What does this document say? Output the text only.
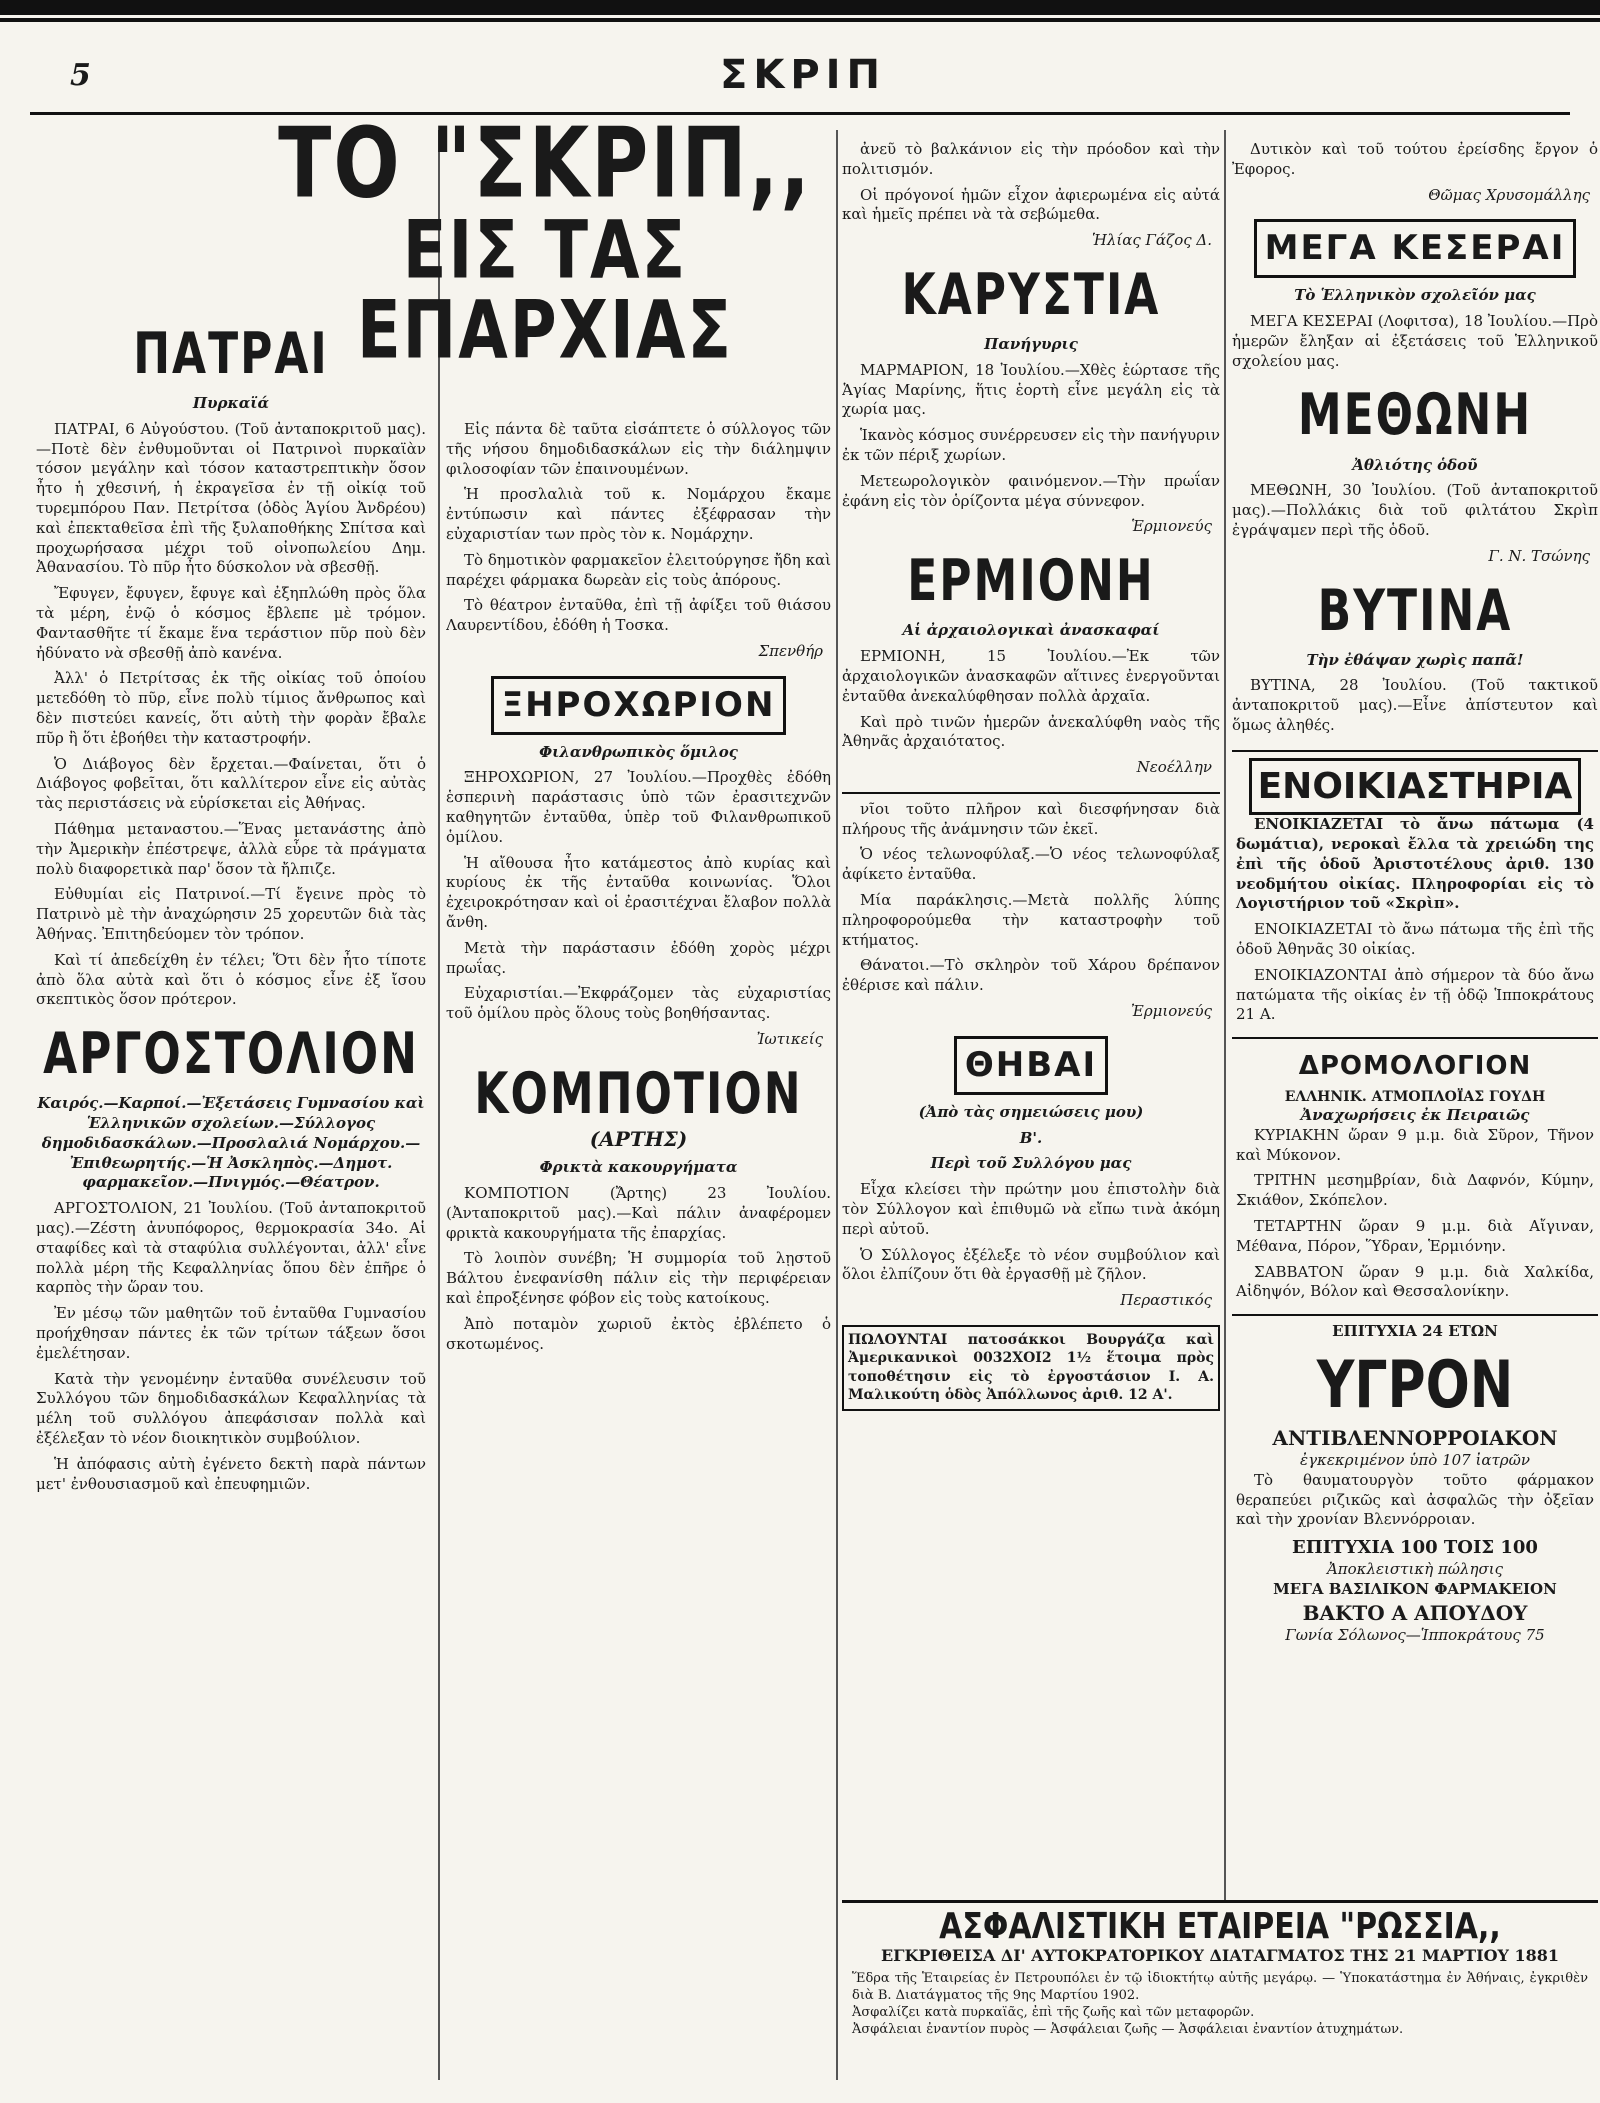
5	ΣΚΡΙΠ
ΠΑΤΡΑΙ
Πυρκαϊά

ΠΑΤΡΑΙ, 6 Αὐγούστου. (Τοῦ ἀνταποκριτοῦ μας).—Ποτὲ δὲν ἐνθυμοῦνται οἱ Πατρινοὶ πυρκαϊὰν τόσον μεγάλην καὶ τόσον καταστρεπτικὴν ὅσον ἦτο ἡ χθεσινή, ἡ ἐκραγεῖσα ἐν τῇ οἰκίᾳ τοῦ τυρεμπόρου Παν. Πετρίτσα (ὁδὸς Ἁγίου Ἀνδρέου) καὶ ἐπεκταθεῖσα ἐπὶ τῆς ξυλαποθήκης Σπίτσα καὶ προχωρήσασα μέχρι τοῦ οἰνοπωλείου Δημ. Ἀθανασίου. Τὸ πῦρ ἦτο δύσκολον νὰ σβεσθῇ.

Ἔφυγεν, ἔφυγεν, ἔφυγε καὶ ἐξηπλώθη πρὸς ὅλα τὰ μέρη, ἐνῷ ὁ κόσμος ἔβλεπε μὲ τρόμον. Φαντασθῆτε τί ἔκαμε ἕνα τεράστιον πῦρ ποὺ δὲν ἠδύνατο νὰ σβεσθῇ ἀπὸ κανένα.

Ἀλλ' ὁ Πετρίτσας ἐκ τῆς οἰκίας τοῦ ὁποίου μετεδόθη τὸ πῦρ, εἶνε πολὺ τίμιος ἄνθρωπος καὶ δὲν πιστεύει κανείς, ὅτι αὐτὴ τὴν φορὰν ἔβαλε πῦρ ἢ ὅτι ἐβοήθει τὴν καταστροφήν.

Ὁ Διάβογος δὲν ἔρχεται.—Φαίνεται, ὅτι ὁ Διάβογος φοβεῖται, ὅτι καλλίτερον εἶνε εἰς αὐτὰς τὰς περιστάσεις νὰ εὑρίσκεται εἰς Ἀθήνας.

Πάθημα μεταναστου.—Ἕνας μετανάστης ἀπὸ τὴν Ἀμερικὴν ἐπέστρεψε, ἀλλὰ εὗρε τὰ πράγματα πολὺ διαφορετικὰ παρ' ὅσον τὰ ἤλπιζε.

Εὐθυμίαι εἰς Πατρινοί.—Τί ἔγεινε πρὸς τὸ Πατρινὸ μὲ τὴν ἀναχώρησιν 25 χορευτῶν διὰ τὰς Ἀθήνας. Ἐπιτηδεύομεν τὸν τρόπον.

Καὶ τί ἀπεδείχθη ἐν τέλει; Ὅτι δὲν ἦτο τίποτε ἀπὸ ὅλα αὐτὰ καὶ ὅτι ὁ κόσμος εἶνε ἐξ ἴσου σκεπτικὸς ὅσον πρότερον.

ΑΡΓΟΣΤΟΛΙΟΝ
Καιρός.—Καρποί.—Ἐξετάσεις Γυμνασίου καὶ Ἑλληνικῶν σχολείων.—Σύλλογος δημοδιδασκάλων.—Προσλαλιά Νομάρχου.—Ἐπιθεωρητής.—Ἡ Ἀσκληπὸς.—Δημοτ. φαρμακεῖον.—Πνιγμός.—Θέατρον.

ΑΡΓΟΣΤΟΛΙΟΝ, 21 Ἰουλίου. (Τοῦ ἀνταποκριτοῦ μας).—Ζέστη ἀνυπόφορος, θερμοκρασία 34ο. Αἱ σταφίδες καὶ τὰ σταφύλια συλλέγονται, ἀλλ' εἶνε πολλὰ μέρη τῆς Κεφαλληνίας ὅπου δὲν ἐπῆρε ὁ καρπὸς τὴν ὥραν του.

Ἐν μέσῳ τῶν μαθητῶν τοῦ ἐνταῦθα Γυμνασίου προήχθησαν πάντες ἐκ τῶν τρίτων τάξεων ὅσοι ἐμελέτησαν.

Κατὰ τὴν γενομένην ἐνταῦθα συνέλευσιν τοῦ Συλλόγου τῶν δημοδιδασκάλων Κεφαλληνίας τὰ μέλη τοῦ συλλόγου ἀπεφάσισαν πολλὰ καὶ ἐξέλεξαν τὸ νέον διοικητικὸν συμβούλιον.

Ἡ ἀπόφασις αὐτὴ ἐγένετο δεκτὴ παρὰ πάντων μετ' ἐνθουσιασμοῦ καὶ ἐπευφημιῶν.

ΤΟ "ΣΚΡΙΠ,,
ΕΙΣ ΤΑΣ ΕΠΑΡΧΙΑΣ

Εἰς πάντα δὲ ταῦτα εἰσάπτετε ὁ σύλλογος τῶν τῆς νήσου δημοδιδασκάλων εἰς τὴν διάλημψιν φιλοσοφίαν τῶν ἐπαινουμένων.

Ἡ προσλαλιὰ τοῦ κ. Νομάρχου ἔκαμε ἐντύπωσιν καὶ πάντες ἐξέφρασαν τὴν εὐχαριστίαν των πρὸς τὸν κ. Νομάρχην.

Τὸ δημοτικὸν φαρμακεῖον ἐλειτούργησε ἤδη καὶ παρέχει φάρμακα δωρεὰν εἰς τοὺς ἀπόρους.

Τὸ θέατρον ἐνταῦθα, ἐπὶ τῇ ἀφίξει τοῦ θιάσου Λαυρεντίδου, ἐδόθη ἡ Τοσκα.

Σπενθήρ
ΞΗΡΟΧΩΡΙΟΝ
Φιλανθρωπικὸς ὅμιλος

ΞΗΡΟΧΩΡΙΟΝ, 27 Ἰουλίου.—Προχθὲς ἐδόθη ἑσπερινὴ παράστασις ὑπὸ τῶν ἐρασιτεχνῶν καθηγητῶν ἐνταῦθα, ὑπὲρ τοῦ Φιλανθρωπικοῦ ὁμίλου.

Ἡ αἴθουσα ἦτο κατάμεστος ἀπὸ κυρίας καὶ κυρίους ἐκ τῆς ἐνταῦθα κοινωνίας. Ὅλοι ἐχειροκρότησαν καὶ οἱ ἐρασιτέχναι ἔλαβον πολλὰ ἄνθη.

Μετὰ τὴν παράστασιν ἐδόθη χορὸς μέχρι πρωΐας.

Εὐχαριστίαι.—Ἐκφράζομεν τὰς εὐχαριστίας τοῦ ὁμίλου πρὸς ὅλους τοὺς βοηθήσαντας.

Ἰωτικείς
ΚΟΜΠΟΤΙΟΝ
(ΑΡΤΗΣ)
Φρικτὰ κακουργήματα

ΚΟΜΠΟΤΙΟΝ (Ἄρτης) 23 Ἰουλίου. (Ἀνταποκριτοῦ μας).—Καὶ πάλιν ἀναφέρομεν φρικτὰ κακουργήματα τῆς ἐπαρχίας.

Τὸ λοιπὸν συνέβη; Ἡ συμμορία τοῦ λῃστοῦ Βάλτου ἐνεφανίσθη πάλιν εἰς τὴν περιφέρειαν καὶ ἐπροξένησε φόβον εἰς τοὺς κατοίκους.

Ἀπὸ ποταμὸν χωριοῦ ἐκτὸς ἐβλέπετο ὁ σκοτωμένος.

ἀνεῦ τὸ βαλκάνιον εἰς τὴν πρόοδον καὶ τὴν πολιτισμόν.

Οἱ πρόγονοί ἡμῶν εἶχον ἀφιερωμένα εἰς αὐτά καὶ ἡμεῖς πρέπει νὰ τὰ σεβώμεθα.

Ἡλίας Γάζος Δ.
ΚΑΡΥΣΤΙΑ
Πανήγυρις

ΜΑΡΜΑΡΙΟΝ, 18 Ἰουλίου.—Χθὲς ἑώρτασε τῆς Ἁγίας Μαρίνης, ἥτις ἑορτὴ εἶνε μεγάλη εἰς τὰ χωρία μας.

Ἱκανὸς κόσμος συνέρρευσεν εἰς τὴν πανήγυριν ἐκ τῶν πέριξ χωρίων.

Μετεωρολογικὸν φαινόμενον.—Τὴν πρωΐαν ἐφάνη εἰς τὸν ὁρίζοντα μέγα σύννεφον.

Ἑρμιονεύς
ΕΡΜΙΟΝΗ
Αἱ ἀρχαιολογικαὶ ἀνασκαφαί

ΕΡΜΙΟΝΗ, 15 Ἰουλίου.—Ἐκ τῶν ἀρχαιολογικῶν ἀνασκαφῶν αἵτινες ἐνεργοῦνται ἐνταῦθα ἀνεκαλύφθησαν πολλὰ ἀρχαῖα.

Καὶ πρὸ τινῶν ἡμερῶν ἀνεκαλύφθη ναὸς τῆς Ἀθηνᾶς ἀρχαιότατος.

Νεοέλλην

νῖοι τοῦτο πλῆρον καὶ διεσφήνησαν διὰ πλήρους τῆς ἀνάμνησιν τῶν ἐκεῖ.

Ὁ νέος τελωνοφύλαξ.—Ὁ νέος τελωνοφύλαξ ἀφίκετο ἐνταῦθα.

Μία παράκλησις.—Μετὰ πολλῆς λύπης πληροφορούμεθα τὴν καταστροφὴν τοῦ κτήματος.

Θάνατοι.—Τὸ σκληρὸν τοῦ Χάρου δρέπανον ἐθέρισε καὶ πάλιν.

Ἐρμιονεύς
ΘΗΒΑΙ
(Ἀπὸ τὰς σημειώσεις μου)
Β'.
Περὶ τοῦ Συλλόγου μας

Εἶχα κλείσει τὴν πρώτην μου ἐπιστολὴν διὰ τὸν Σύλλογον καὶ ἐπιθυμῶ νὰ εἴπω τινὰ ἀκόμη περὶ αὐτοῦ.

Ὁ Σύλλογος ἐξέλεξε τὸ νέον συμβούλιον καὶ ὅλοι ἐλπίζουν ὅτι θὰ ἐργασθῇ μὲ ζῆλον.

Περαστικός
ΠΩΛΟΥΝΤΑΙ πατοσάκκοι Βουργάζα καὶ Ἀμερικανικοὶ 0032ΧΟΙ2 1½ ἕτοιμα πρὸς τοποθέτησιν εἰς τὸ ἐργοστάσιον Ι. Α. Μαλικούτη ὁδὸς Ἀπόλλωνος ἀριθ. 12 Α'.

Δυτικὸν καὶ τοῦ τούτου ἐρείσδης ἔργον ὁ Ἐφορος.

Θῶμας Χρυσομάλλης
ΜΕΓΑ ΚΕΣΕΡΑΙ
Τὸ Ἑλληνικὸν σχολεῖόν μας

ΜΕΓΑ ΚΕΣΕΡΑΙ (Λοφιτσα), 18 Ἰουλίου.—Πρὸ ἡμερῶν ἔληξαν αἱ ἐξετάσεις τοῦ Ἑλληνικοῦ σχολείου μας.

ΜΕΘΩΝΗ
Ἀθλιότης ὁδοῦ

ΜΕΘΩΝΗ, 30 Ἰουλίου. (Τοῦ ἀνταποκριτοῦ μας).—Πολλάκις διὰ τοῦ φιλτάτου Σκρὶπ ἐγράψαμεν περὶ τῆς ὁδοῦ.

Γ. Ν. Τσώνης
ΒΥΤΙΝΑ
Τὴν ἐθάψαν χωρὶς παπᾶ!

ΒΥΤΙΝΑ, 28 Ἰουλίου. (Τοῦ τακτικοῦ ἀνταποκριτοῦ μας).—Εἶνε ἀπίστευτον καὶ ὅμως ἀληθές.

ΕΝΟΙΚΙΑΣΤΗΡΙΑ

ΕΝΟΙΚΙΑΖΕΤΑΙ τὸ ἄνω πάτωμα (4 δωμάτια), νεροκαὶ ἔλλα τὰ χρειώδη της ἐπὶ τῆς ὁδοῦ Ἀριστοτέλους ἀριθ. 130 νεοδμήτου οἰκίας. Πληροφορίαι εἰς τὸ Λογιστήριον τοῦ «Σκρὶπ».

ΕΝΟΙΚΙΑΖΕΤΑΙ τὸ ἄνω πάτωμα τῆς ἐπὶ τῆς ὁδοῦ Ἀθηνᾶς 30 οἰκίας.

ΕΝΟΙΚΙΑΖΟΝΤΑΙ ἀπὸ σήμερον τὰ δύο ἄνω πατώματα τῆς οἰκίας ἐν τῇ ὁδῷ Ἱπποκράτους 21 Α.

ΔΡΟΜΟΛΟΓΙΟΝ
ΕΛΛΗΝΙΚ. ΑΤΜΟΠΛΟΪΑΣ ΓΟΥΔΗ
Ἀναχωρήσεις ἐκ Πειραιῶς

ΚΥΡΙΑΚΗΝ ὥραν 9 μ.μ. διὰ Σῦρον, Τῆνον καὶ Μύκονον.

ΤΡΙΤΗΝ μεσημβρίαν, διὰ Δαφνόν, Κύμην, Σκιάθον, Σκόπελον.

ΤΕΤΑΡΤΗΝ ὥραν 9 μ.μ. διὰ Αἴγιναν, Μέθανα, Πόρον, Ὕδραν, Ἑρμιόνην.

ΣΑΒΒΑΤΟΝ ὥραν 9 μ.μ. διὰ Χαλκίδα, Αἰδηψόν, Βόλον καὶ Θεσσαλονίκην.

ΕΠΙΤΥΧΙΑ 24 ΕΤΩΝ
ΥΓΡΟΝ
ΑΝΤΙΒΛΕΝΝΟΡΡΟΙΑΚΟΝ
ἐγκεκριμένον ὑπὸ 107 ἰατρῶν

Τὸ θαυματουργὸν τοῦτο φάρμακον θεραπεύει ριζικῶς καὶ ἀσφαλῶς τὴν ὀξεῖαν καὶ τὴν χρονίαν Βλεννόρροιαν.

ΕΠΙΤΥΧΙΑ 100 ΤΟΙΣ 100
Ἀποκλειστικὴ πώλησις
ΜΕΓΑ ΒΑΣΙΛΙΚΟΝ ΦΑΡΜΑΚΕΙΟΝ
ΒΑΚΤΟ Α ΑΠΟΥΔΟΥ
Γωνία Σόλωνος—Ἱπποκράτους 75
ΑΣΦΑΛΙΣΤΙΚΗ ΕΤΑΙΡΕΙΑ "ΡΩΣΣΙΑ,,
ΕΓΚΡΙΘΕΙΣΑ ΔΙ' ΑΥΤΟΚΡΑΤΟΡΙΚΟΥ ΔΙΑΤΑΓΜΑΤΟΣ ΤΗΣ 21 ΜΑΡΤΙΟΥ 1881
Ἕδρα τῆς Ἑταιρείας ἐν Πετρουπόλει ἐν τῷ ἰδιοκτήτῳ αὐτῆς μεγάρῳ. — Ὑποκατάστημα ἐν Ἀθήναις, ἐγκριθὲν διὰ Β. Διατάγματος τῆς 9ης Μαρτίου 1902.
Ἀσφαλίζει κατὰ πυρκαϊᾶς, ἐπὶ τῆς ζωῆς καὶ τῶν μεταφορῶν.
Ἀσφάλειαι ἐναντίον πυρὸς — Ἀσφάλειαι ζωῆς — Ἀσφάλειαι ἐναντίον ἀτυχημάτων.
